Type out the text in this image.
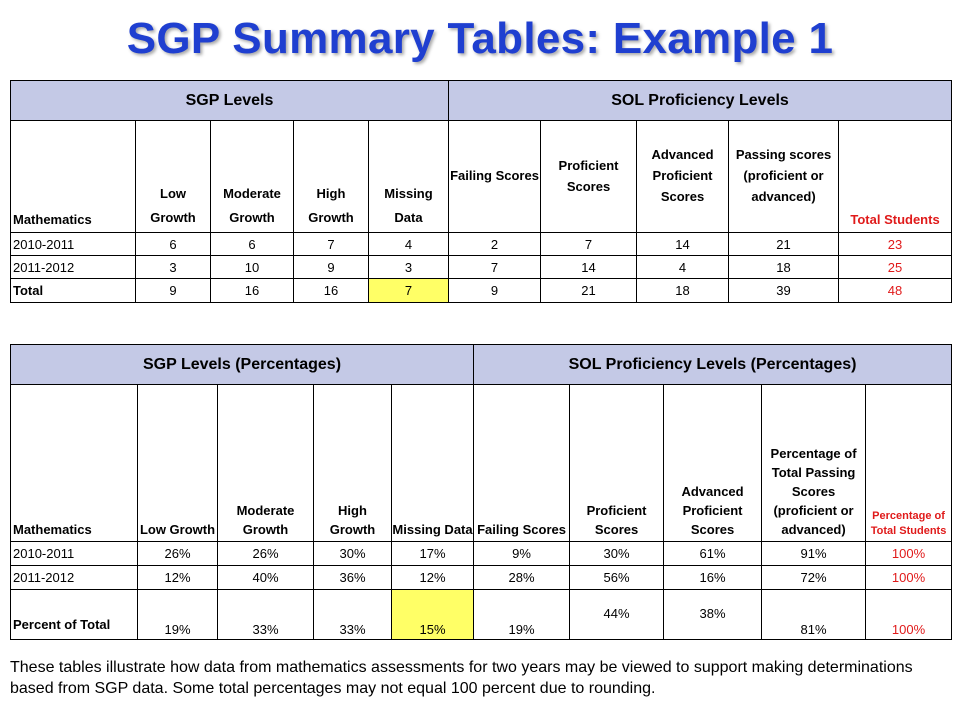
SGP Summary Tables: Example 1
SGP Levels					SOL Proficiency Levels				
Mathematics	Low Growth	Moderate Growth	High Growth	Missing Data	Failing Scores	Proficient Scores	Advanced Proficient Scores	Passing scores (proficient or advanced)	Total Students
2010-2011	6	6	7	4	2	7	14	21	23
2011-2012	3	10	9	3	7	14	4	18	25
Total	9	16	16	7	9	21	18	39	48
SGP Levels (Percentages)					SOL Proficiency Levels (Percentages)				
Mathematics	Low Growth	Moderate Growth	High Growth	Missing Data	Failing Scores	Proficient Scores	Advanced Proficient Scores	Percentage of Total Passing Scores (proficient or advanced)	Percentage of Total Students
2010-2011	26%	26%	30%	17%	9%	30%	61%	91%	100%
2011-2012	12%	40%	36%	12%	28%	56%	16%	72%	100%
Percent of Total	19%	33%	33%	15%	19%	44%	38%	81%	100%
These tables illustrate how data from mathematics assessments for two years may be viewed to support making determinations based from SGP data. Some total percentages may not equal 100 percent due to rounding.
